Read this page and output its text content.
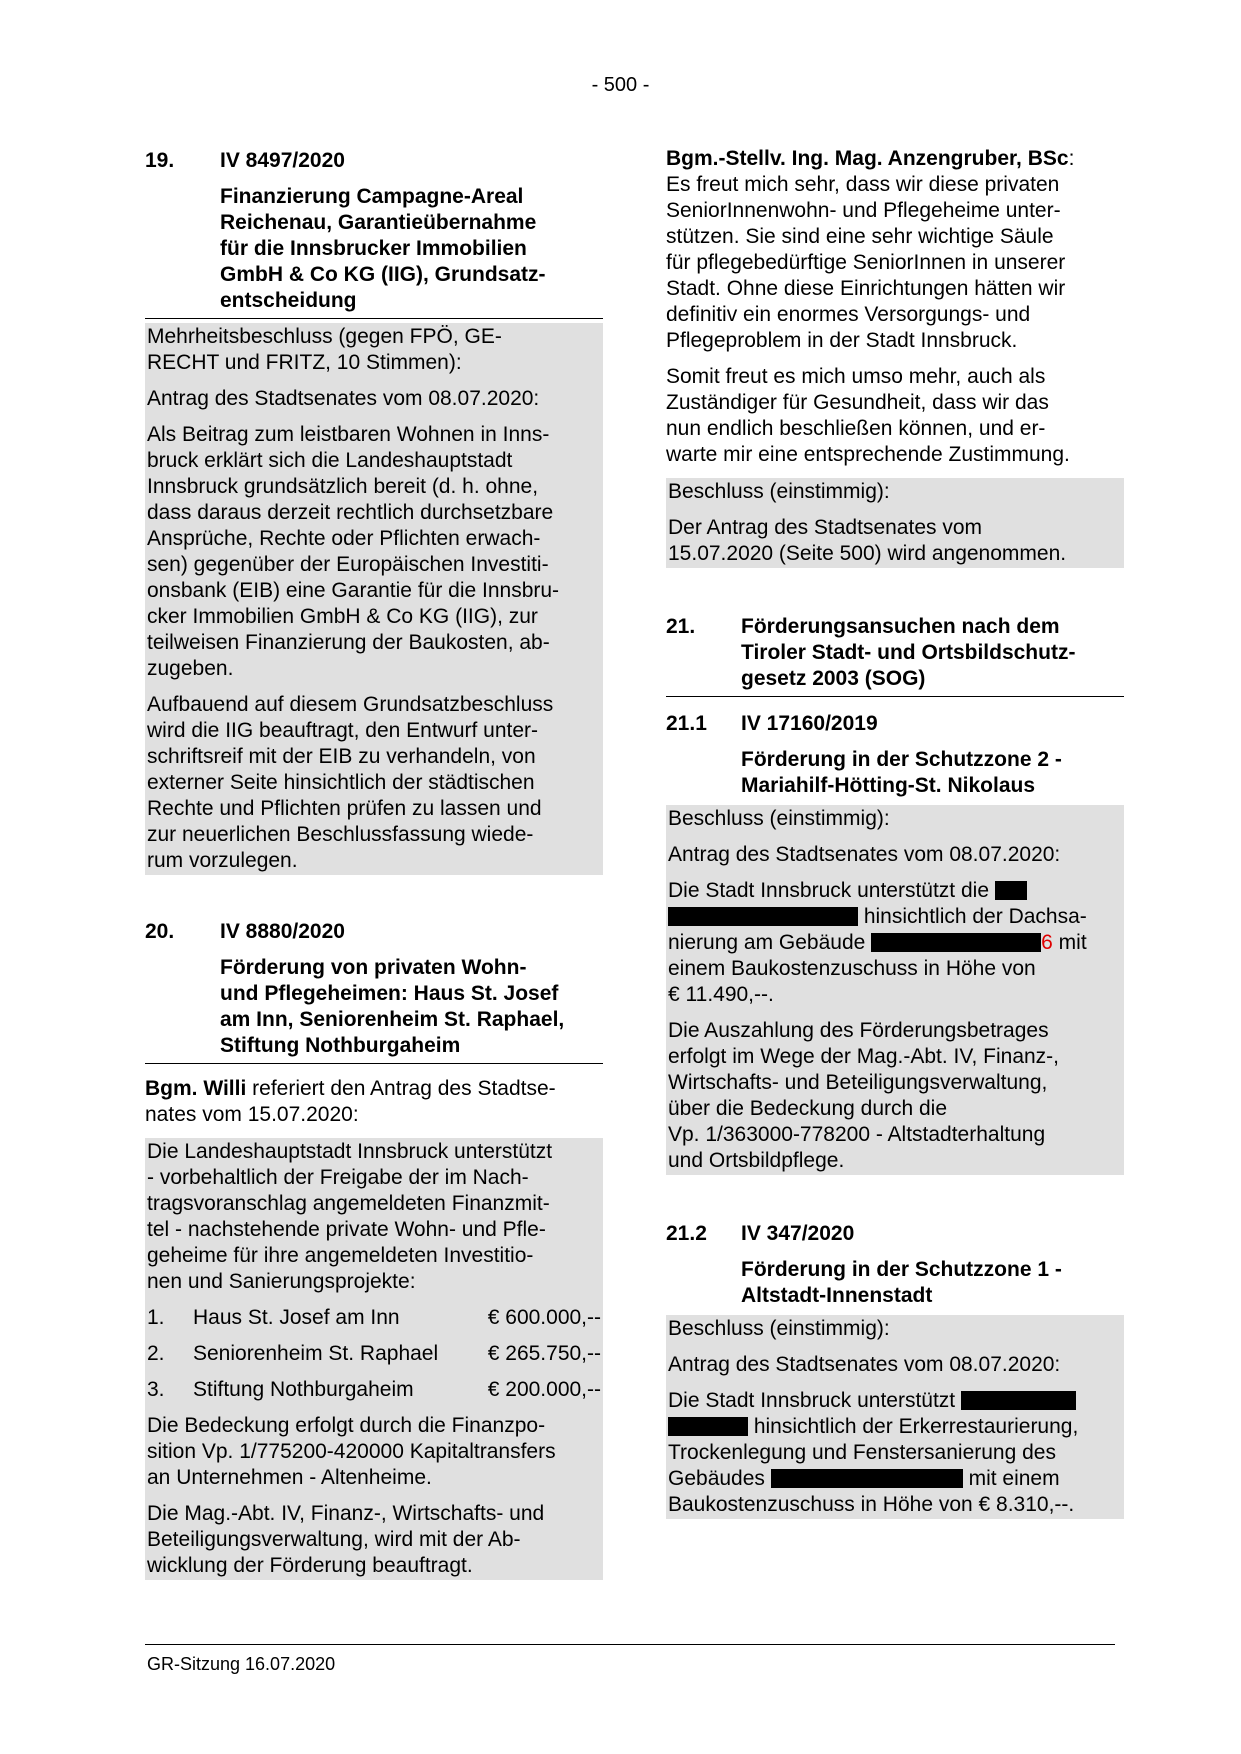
- 500 -
19.	IV 8497/2020
Finanzierung Campagne-Areal
Reichenau, Garantieübernahme
für die Innsbrucker Immobilien
GmbH & Co KG (IIG), Grundsatz-
entscheidung

Mehrheitsbeschluss (gegen FPÖ, GE-
RECHT und FRITZ, 10 Stimmen):

Antrag des Stadtsenates vom 08.07.2020:

Als Beitrag zum leistbaren Wohnen in Inns-
bruck erklärt sich die Landeshauptstadt
Innsbruck grundsätzlich bereit (d. h. ohne,
dass daraus derzeit rechtlich durchsetzbare
Ansprüche, Rechte oder Pflichten erwach-
sen) gegenüber der Europäischen Investiti-
onsbank (EIB) eine Garantie für die Innsbru-
cker Immobilien GmbH & Co KG (IIG), zur
teilweisen Finanzierung der Baukosten, ab-
zugeben.

Aufbauend auf diesem Grundsatzbeschluss
wird die IIG beauftragt, den Entwurf unter-
schriftsreif mit der EIB zu verhandeln, von
externer Seite hinsichtlich der städtischen
Rechte und Pflichten prüfen zu lassen und
zur neuerlichen Beschlussfassung wiede-
rum vorzulegen.

20.	IV 8880/2020
Förderung von privaten Wohn-
und Pflegeheimen: Haus St. Josef
am Inn, Seniorenheim St. Raphael,
Stiftung Nothburgaheim

Bgm. Willi referiert den Antrag des Stadtse-
nates vom 15.07.2020:

Die Landeshauptstadt Innsbruck unterstützt
- vorbehaltlich der Freigabe der im Nach-
tragsvoranschlag angemeldeten Finanzmit-
tel - nachstehende private Wohn- und Pfle-
geheime für ihre angemeldeten Investitio-
nen und Sanierungsprojekte:

1.	Haus St. Josef am Inn	€ 600.000,--
2.	Seniorenheim St. Raphael	€ 265.750,--
3.	Stiftung Nothburgaheim	€ 200.000,--

Die Bedeckung erfolgt durch die Finanzpo-
sition Vp. 1/775200-420000 Kapitaltransfers
an Unternehmen - Altenheime.

Die Mag.-Abt. IV, Finanz-, Wirtschafts- und
Beteiligungsverwaltung, wird mit der Ab-
wicklung der Förderung beauftragt.

Bgm.-Stellv. Ing. Mag. Anzengruber, BSc:
Es freut mich sehr, dass wir diese privaten
SeniorInnenwohn- und Pflegeheime unter-
stützen. Sie sind eine sehr wichtige Säule
für pflegebedürftige SeniorInnen in unserer
Stadt. Ohne diese Einrichtungen hätten wir
definitiv ein enormes Versorgungs- und
Pflegeproblem in der Stadt Innsbruck.

Somit freut es mich umso mehr, auch als
Zuständiger für Gesundheit, dass wir das
nun endlich beschließen können, und er-
warte mir eine entsprechende Zustimmung.

Beschluss (einstimmig):

Der Antrag des Stadtsenates vom
15.07.2020 (Seite 500) wird angenommen.

21.	Förderungsansuchen nach dem
Tiroler Stadt- und Ortsbildschutz-
gesetz 2003 (SOG)
21.1	IV 17160/2019
Förderung in der Schutzzone 2 -
Mariahilf-Hötting-St. Nikolaus

Beschluss (einstimmig):

Antrag des Stadtsenates vom 08.07.2020:

Die Stadt Innsbruck unterstützt die
hinsichtlich der Dachsa-
nierung am Gebäude	6 mit
einem Baukostenzuschuss in Höhe von
€ 11.490,--.

Die Auszahlung des Förderungsbetrages
erfolgt im Wege der Mag.-Abt. IV, Finanz-,
Wirtschafts- und Beteiligungsverwaltung,
über die Bedeckung durch die
Vp. 1/363000-778200 - Altstadterhaltung
und Ortsbildpflege.

21.2	IV 347/2020
Förderung in der Schutzzone 1 -
Altstadt-Innenstadt

Beschluss (einstimmig):

Antrag des Stadtsenates vom 08.07.2020:

Die Stadt Innsbruck unterstützt
hinsichtlich der Erkerrestaurierung,
Trockenlegung und Fenstersanierung des
Gebäudes	mit einem
Baukostenzuschuss in Höhe von € 8.310,--.

GR-Sitzung 16.07.2020
